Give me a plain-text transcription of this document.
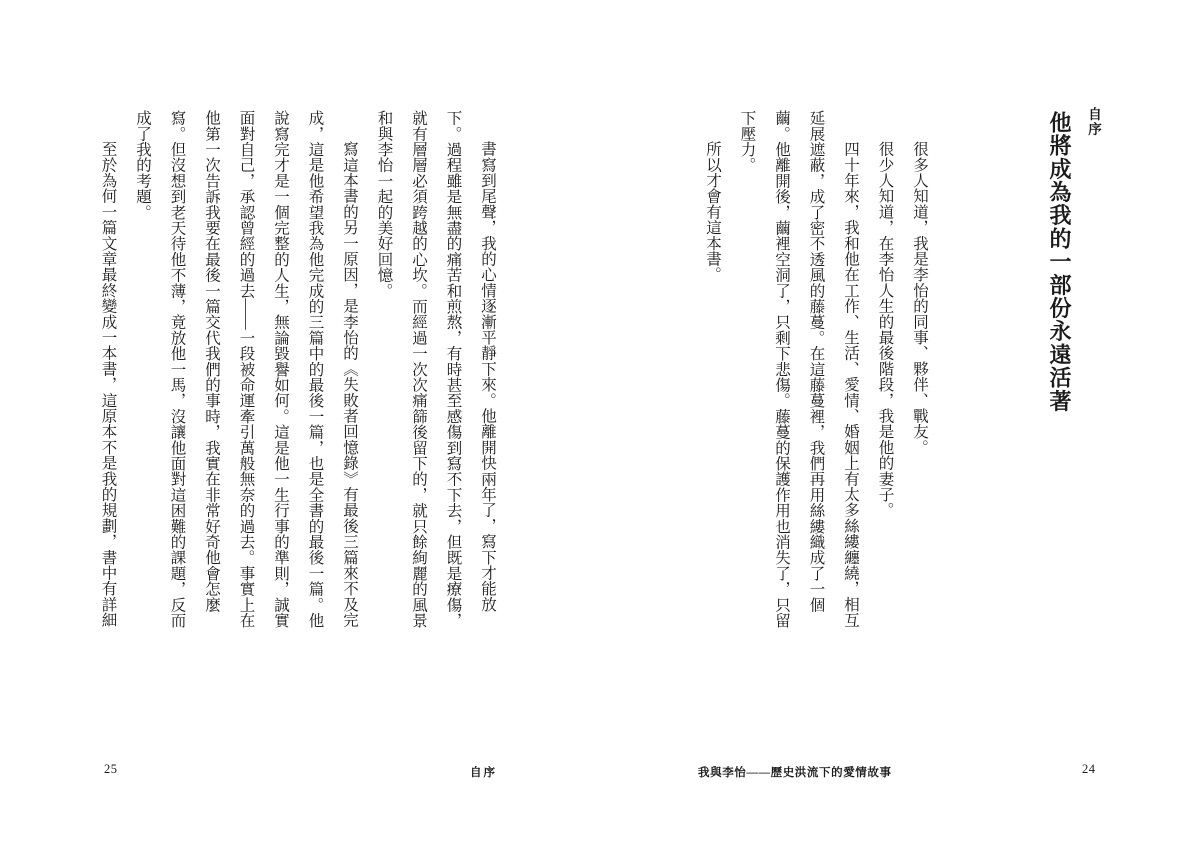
書寫到尾聲，我的心情逐漸平靜下來。他離開快兩年了，寫下才能放
下。過程雖是無盡的痛苦和煎熬，有時甚至感傷到寫不下去，但既是療傷，
就有層層必須跨越的心坎。而經過一次次痛篩後留下的，就只餘絢麗的風景
和與李怡一起的美好回憶。
寫這本書的另一原因，是李怡的《失敗者回憶錄》有最後三篇來不及完
成，這是他希望我為他完成的三篇中的最後一篇，也是全書的最後一篇。他
說寫完才是一個完整的人生，無論毀譽如何。這是他一生行事的準則，誠實
面對自己，承認曾經的過去——一段被命運牽引萬般無奈的過去。事實上在
他第一次告訴我要在最後一篇交代我們的事時，我實在非常好奇他會怎麼
寫。但沒想到老天待他不薄，竟放他一馬，沒讓他面對這困難的課題，反而
成了我的考題。
至於為何一篇文章最終變成一本書，這原本不是我的規劃，書中有詳細
25	自序
自序
他將成為我的一部份永遠活著
很多人知道，我是李怡的同事、夥伴、戰友。
很少人知道，在李怡人生的最後階段，我是他的妻子。
四十年來，我和他在工作、生活、愛情、婚姻上有太多絲縷纏繞，相互
延展遮蔽，成了密不透風的藤蔓。在這藤蔓裡，我們再用絲縷織成了一個
繭。他離開後，繭裡空洞了，只剩下悲傷。藤蔓的保護作用也消失了，只留
下壓力。
所以才會有這本書。
我與李怡——歷史洪流下的愛情故事	24
